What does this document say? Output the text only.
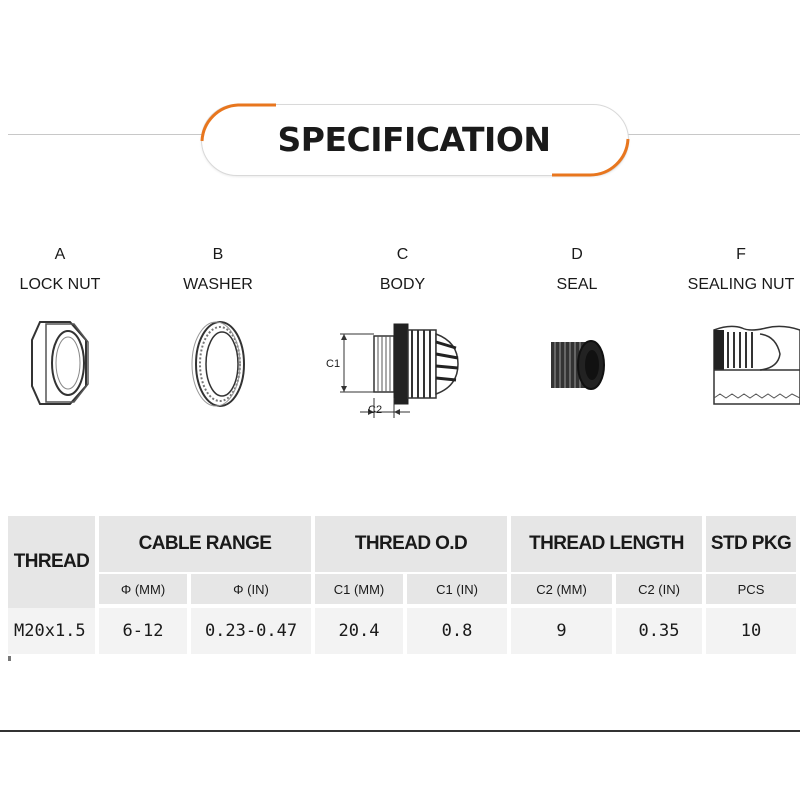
SPECIFICATION
A
LOCK NUT
B
WASHER
C
BODY
C1
C2
D
SEAL
F
SEALING NUT
THREAD	CABLE RANGE		THREAD O.D		THREAD LENGTH		STD PKG
	Φ (MM)	Φ (IN)	C1 (MM)	C1 (IN)	C2 (MM)	C2 (IN)	PCS
M20x1.5	6-12	0.23-0.47	20.4	0.8	9	0.35	10
